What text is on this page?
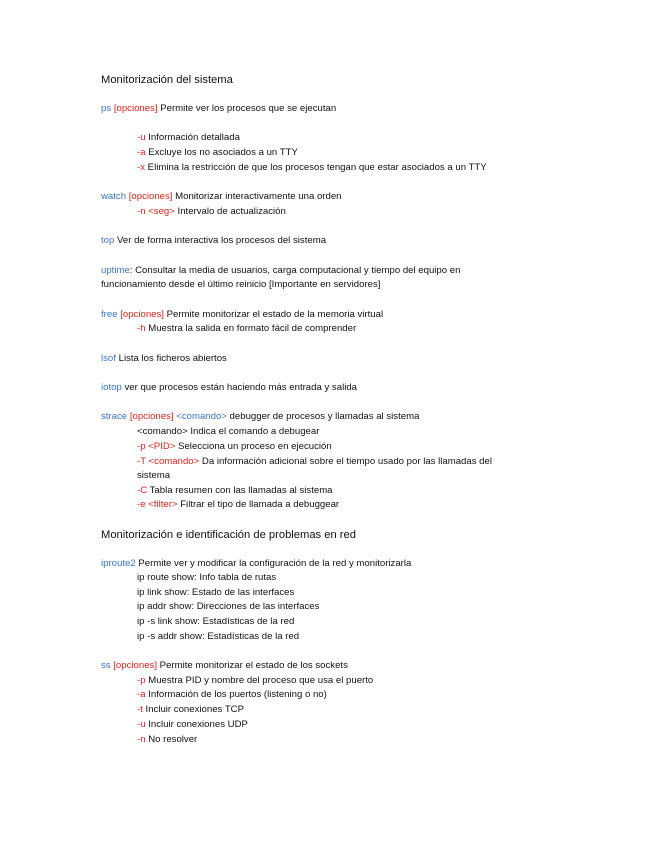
Monitorización del sistema
ps [opciones] Permite ver los procesos que se ejecutan
-u Información detallada
-a Excluye los no asociados a un TTY
-x Elimina la restricción de que los procesos tengan que estar asociados a un TTY
watch [opciones] Monitorizar interactivamente una orden
-n <seg> Intervalo de actualización
top Ver de forma interactiva los procesos del sistema
uptime: Consultar la media de usuarios, carga computacional y tiempo del equipo en
funcionamiento desde el último reinicio [Importante en servidores]
free [opciones] Permite monitorizar el estado de la memoria virtual
-h Muestra la salida en formato fácil de comprender
lsof Lista los ficheros abiertos
iotop ver que procesos están haciendo más entrada y salida
strace [opciones] <comando> debugger de procesos y llamadas al sistema
<comando> Indica el comando a debugear
-p <PID> Selecciona un proceso en ejecución
-T <comando> Da información adicional sobre el tiempo usado por las llamadas del
sistema
-C Tabla resumen con las llamadas al sistema
-e <filter> Filtrar el tipo de llamada a debuggear
Monitorización e identificación de problemas en red
iproute2 Permite ver y modificar la configuración de la red y monitorizarla
ip route show: Info tabla de rutas
ip link show: Estado de las interfaces
ip addr show: Direcciones de las interfaces
ip -s link show: Estadísticas de la red
ip -s addr show: Estadísticas de la red
ss [opciones] Permite monitorizar el estado de los sockets
-p Muestra PID y nombre del proceso que usa el puerto
-a Información de los puertos (listening o no)
-t Incluir conexiones TCP
-u Incluir conexiones UDP
-n No resolver
